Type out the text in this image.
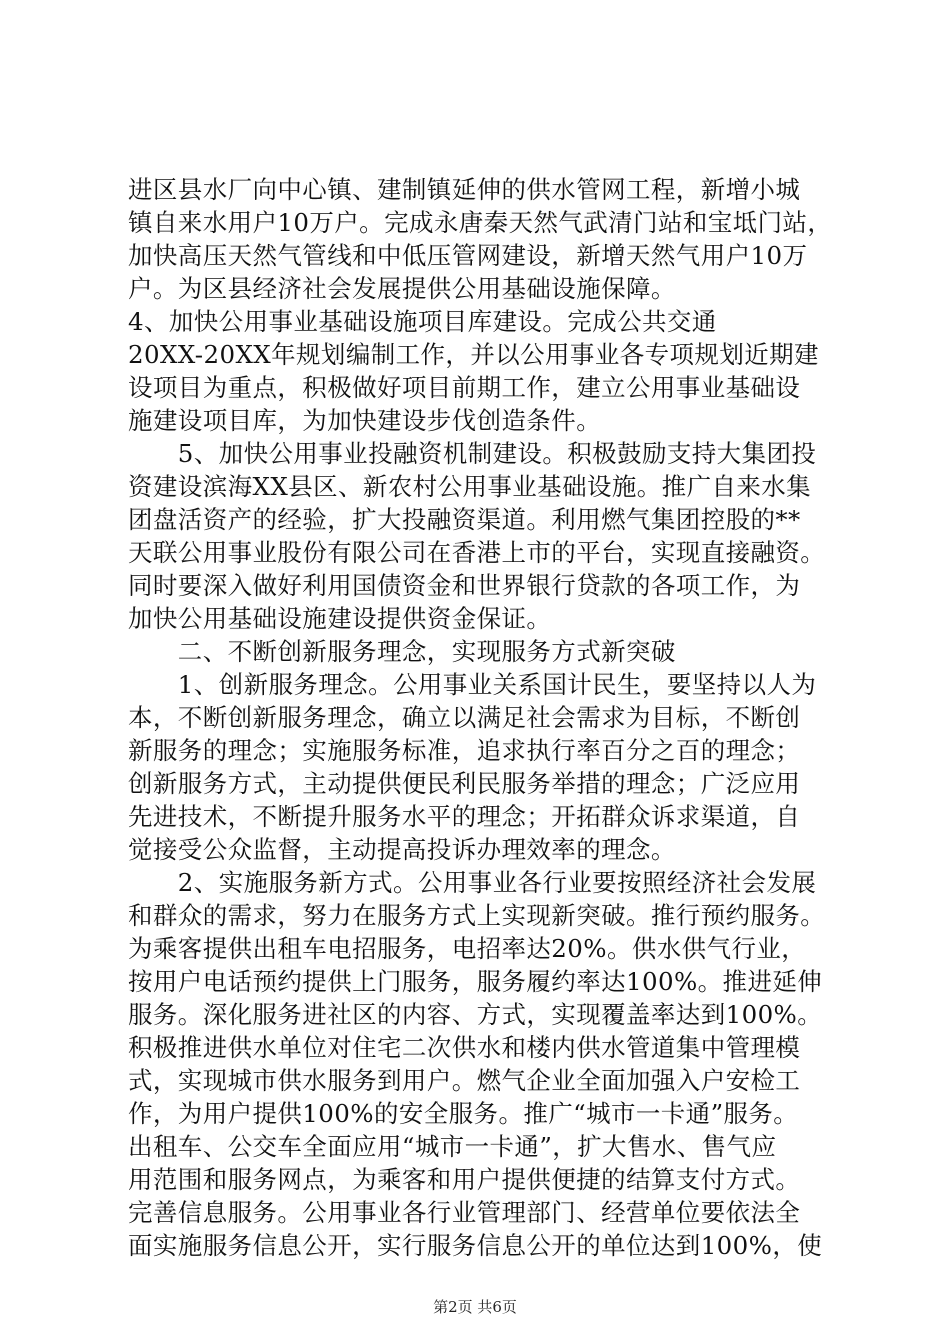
进区县水厂向中心镇、建制镇延伸的供水管网工程，新增小城
镇自来水用户10万户。完成永唐秦天然气武清门站和宝坻门站，
加快高压天然气管线和中低压管网建设，新增天然气用户10万
户。为区县经济社会发展提供公用基础设施保障。
4、加快公用事业基础设施项目库建设。完成公共交通
20XX-20XX年规划编制工作，并以公用事业各专项规划近期建
设项目为重点，积极做好项目前期工作，建立公用事业基础设
施建设项目库，为加快建设步伐创造条件。
　　5、加快公用事业投融资机制建设。积极鼓励支持大集团投
资建设滨海XX县区、新农村公用事业基础设施。推广自来水集
团盘活资产的经验，扩大投融资渠道。利用燃气集团控股的**
天联公用事业股份有限公司在香港上市的平台，实现直接融资。
同时要深入做好利用国债资金和世界银行贷款的各项工作，为
加快公用基础设施建设提供资金保证。
　　二、不断创新服务理念，实现服务方式新突破
　　1、创新服务理念。公用事业关系国计民生，要坚持以人为
本，不断创新服务理念，确立以满足社会需求为目标，不断创
新服务的理念；实施服务标准，追求执行率百分之百的理念；
创新服务方式，主动提供便民利民服务举措的理念；广泛应用
先进技术，不断提升服务水平的理念；开拓群众诉求渠道，自
觉接受公众监督，主动提高投诉办理效率的理念。
　　2、实施服务新方式。公用事业各行业要按照经济社会发展
和群众的需求，努力在服务方式上实现新突破。推行预约服务。
为乘客提供出租车电招服务，电招率达20%。供水供气行业，
按用户电话预约提供上门服务，服务履约率达100%。推进延伸
服务。深化服务进社区的内容、方式，实现覆盖率达到100%。
积极推进供水单位对住宅二次供水和楼内供水管道集中管理模
式，实现城市供水服务到用户。燃气企业全面加强入户安检工
作，为用户提供100%的安全服务。推广“城市一卡通”服务。
出租车、公交车全面应用“城市一卡通”，扩大售水、售气应
用范围和服务网点，为乘客和用户提供便捷的结算支付方式。
完善信息服务。公用事业各行业管理部门、经营单位要依法全
面实施服务信息公开，实行服务信息公开的单位达到100%，使
第2页 共6页
